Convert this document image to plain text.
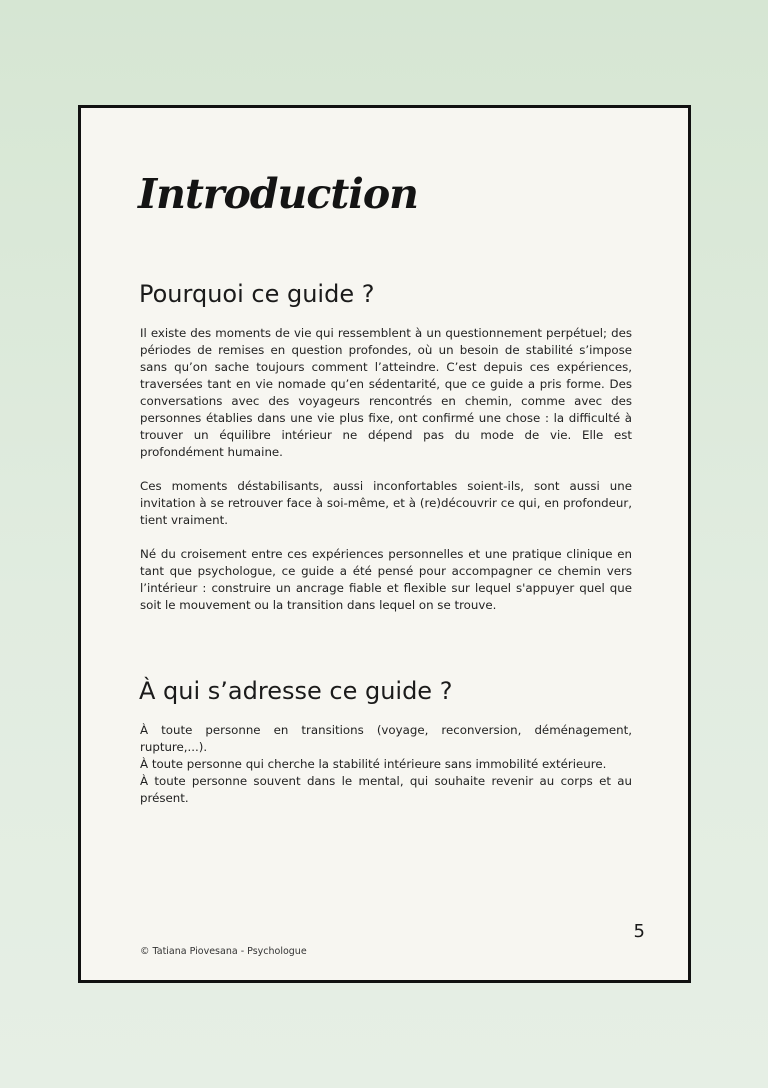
Introduction
Pourquoi ce guide ?

Il existe des moments de vie qui ressemblent à un questionnement perpétuel; des périodes de remises en question profondes, où un besoin de stabilité s’impose sans qu’on sache toujours comment l’atteindre. C’est depuis ces expériences, traversées tant en vie nomade qu’en sédentarité, que ce guide a pris forme. Des conversations avec des voyageurs rencontrés en chemin, comme avec des personnes établies dans une vie plus fixe, ont confirmé une chose : la difficulté à trouver un équilibre intérieur ne dépend pas du mode de vie. Elle est profondément humaine.

Ces moments déstabilisants, aussi inconfortables soient-ils, sont aussi une invitation à se retrouver face à soi-même, et à (re)découvrir ce qui, en profondeur, tient vraiment.

Né du croisement entre ces expériences personnelles et une pratique clinique en tant que psychologue, ce guide a été pensé pour accompagner ce chemin vers l’intérieur : construire un ancrage fiable et flexible sur lequel s'appuyer quel que soit le mouvement ou la transition dans lequel on se trouve.

À qui s’adresse ce guide ?

À toute personne en transitions (voyage, reconversion, déménagement, rupture,...).

À toute personne qui cherche la stabilité intérieure sans immobilité extérieure.

À toute personne souvent dans le mental, qui souhaite revenir au corps et au présent.

5
© Tatiana Piovesana - Psychologue
